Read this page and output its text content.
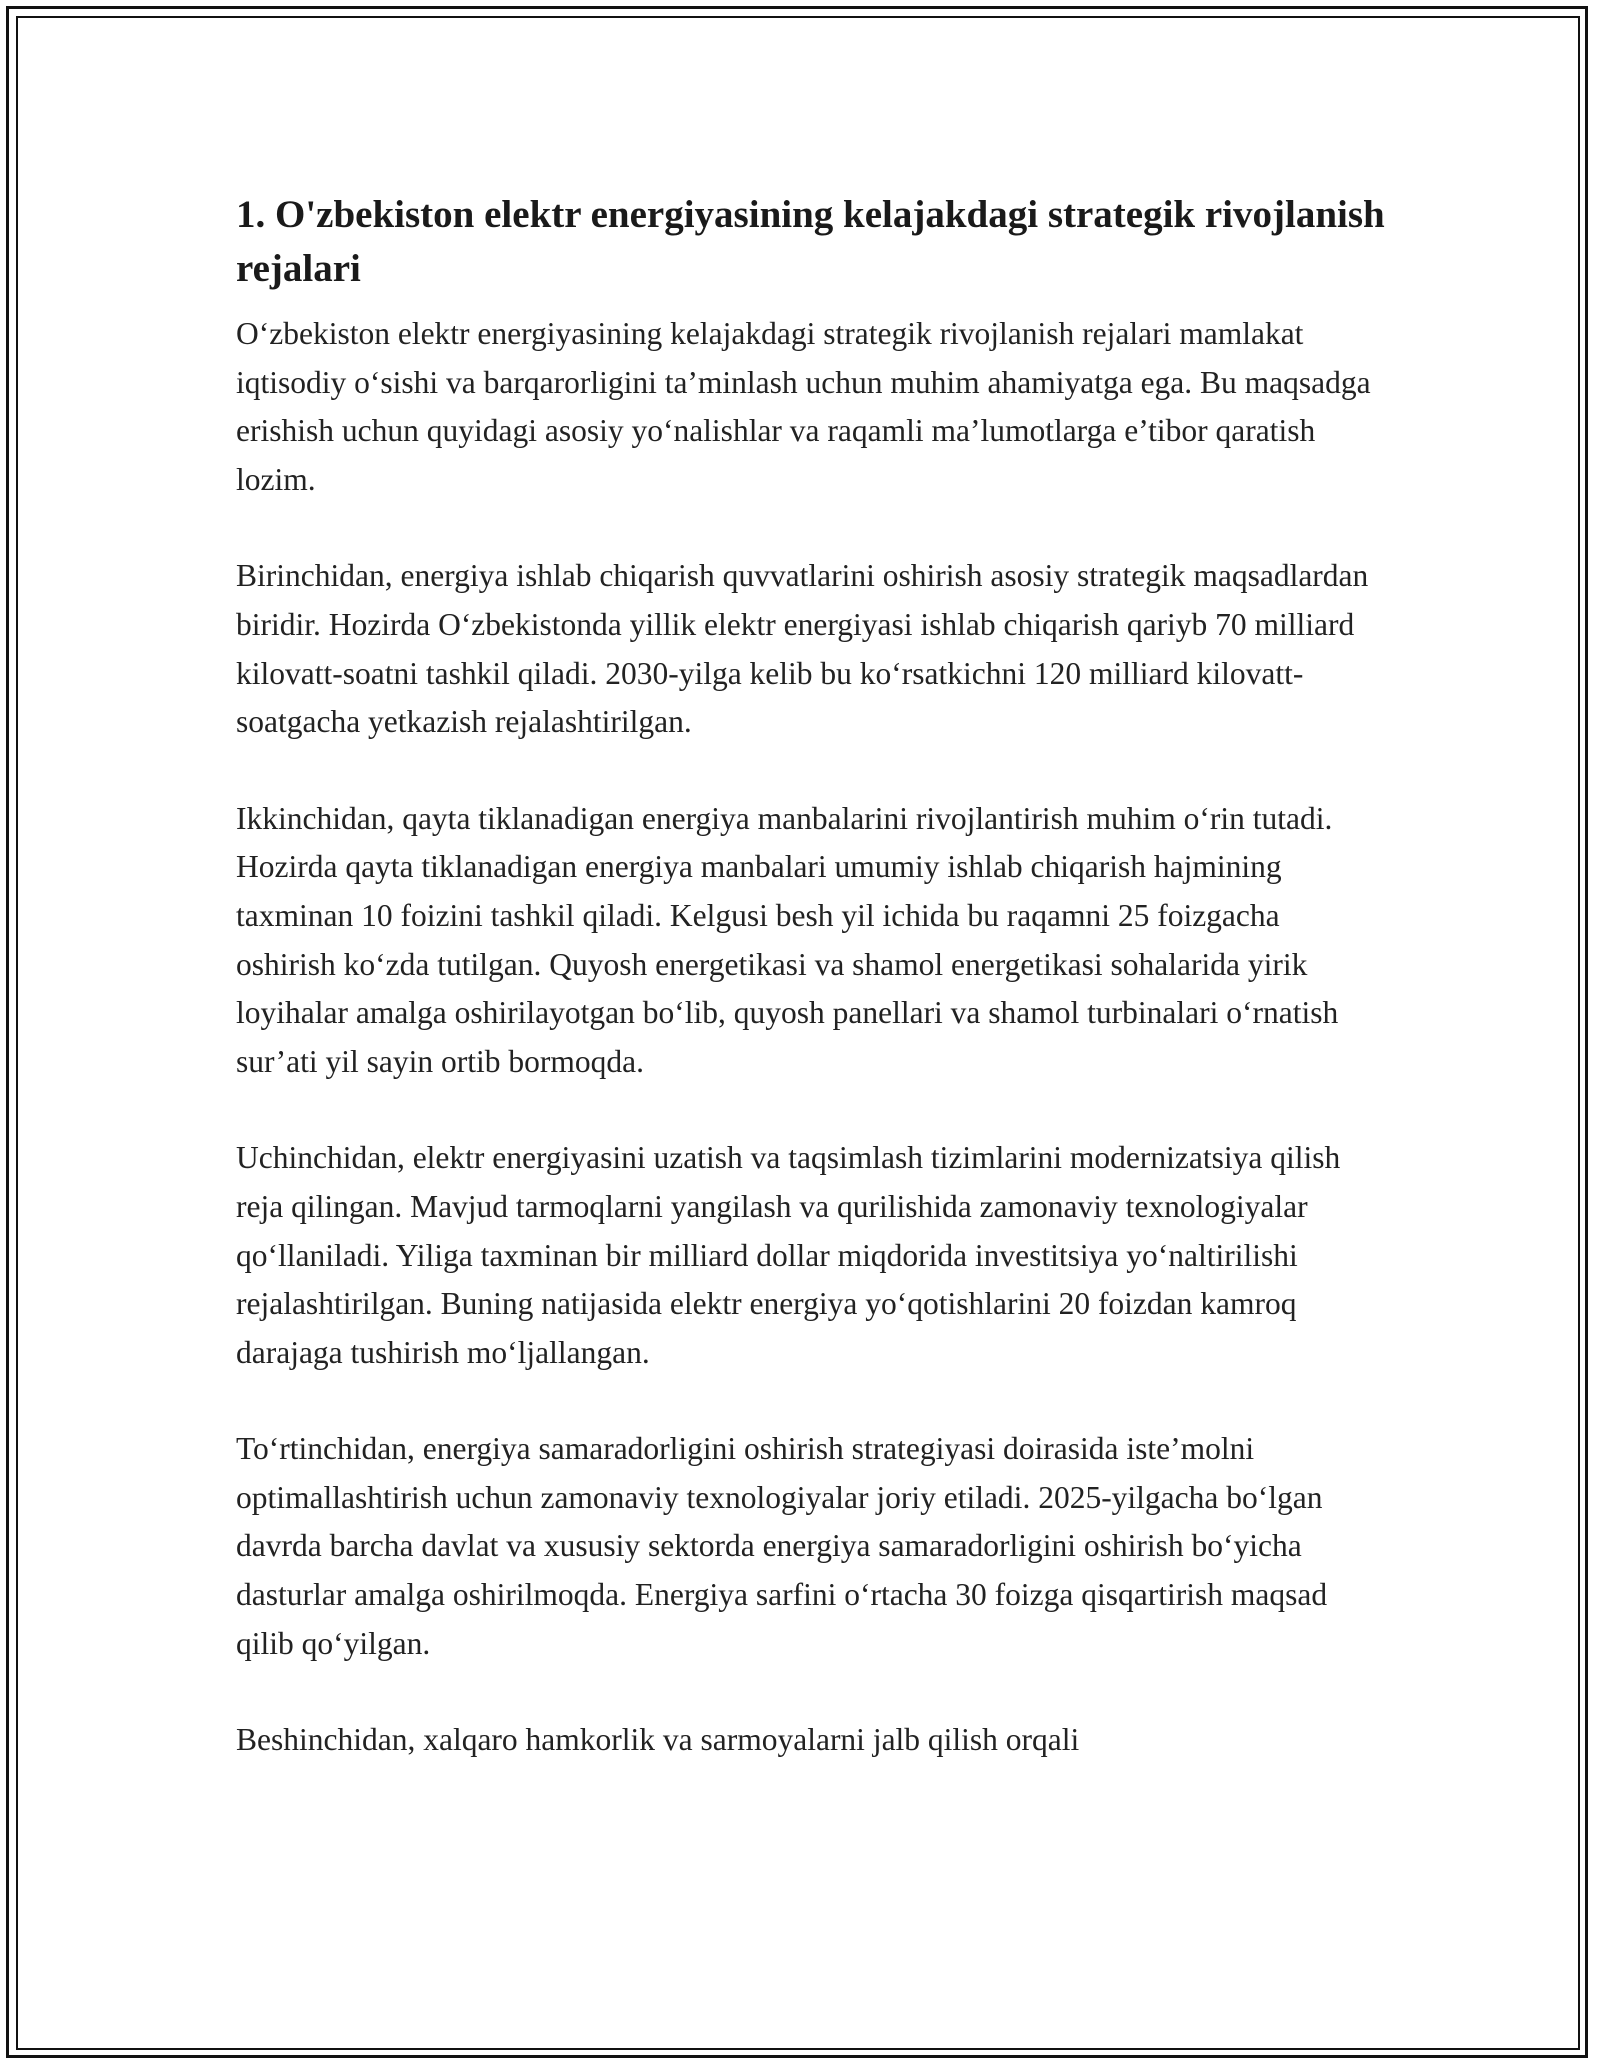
1. O'zbekiston elektr energiyasining kelajakdagi strategik rivojlanish rejalari

O‘zbekiston elektr energiyasining kelajakdagi strategik rivojlanish rejalari mamlakat iqtisodiy o‘sishi va barqarorligini ta’minlash uchun muhim ahamiyatga ega. Bu maqsadga erishish uchun quyidagi asosiy yo‘nalishlar va raqamli ma’lumotlarga e’tibor qaratish lozim.

Birinchidan, energiya ishlab chiqarish quvvatlarini oshirish asosiy strategik maqsadlardan biridir. Hozirda O‘zbekistonda yillik elektr energiyasi ishlab chiqarish qariyb 70 milliard kilovatt-soatni tashkil qiladi. 2030-yilga kelib bu ko‘rsatkichni 120 milliard kilovatt-soatgacha yetkazish rejalashtirilgan.

Ikkinchidan, qayta tiklanadigan energiya manbalarini rivojlantirish muhim o‘rin tutadi. Hozirda qayta tiklanadigan energiya manbalari umumiy ishlab chiqarish hajmining taxminan 10 foizini tashkil qiladi. Kelgusi besh yil ichida bu raqamni 25 foizgacha oshirish ko‘zda tutilgan. Quyosh energetikasi va shamol energetikasi sohalarida yirik loyihalar amalga oshirilayotgan bo‘lib, quyosh panellari va shamol turbinalari o‘rnatish sur’ati yil sayin ortib bormoqda.

Uchinchidan, elektr energiyasini uzatish va taqsimlash tizimlarini modernizatsiya qilish reja qilingan. Mavjud tarmoqlarni yangilash va qurilishida zamonaviy texnologiyalar qo‘llaniladi. Yiliga taxminan bir milliard dollar miqdorida investitsiya yo‘naltirilishi rejalashtirilgan. Buning natijasida elektr energiya yo‘qotishlarini 20 foizdan kamroq darajaga tushirish mo‘ljallangan.

To‘rtinchidan, energiya samaradorligini oshirish strategiyasi doirasida iste’molni optimallashtirish uchun zamonaviy texnologiyalar joriy etiladi. 2025-yilgacha bo‘lgan davrda barcha davlat va xususiy sektorda energiya samaradorligini oshirish bo‘yicha dasturlar amalga oshirilmoqda. Energiya sarfini o‘rtacha 30 foizga qisqartirish maqsad qilib qo‘yilgan.

Beshinchidan, xalqaro hamkorlik va sarmoyalarni jalb qilish orqali
